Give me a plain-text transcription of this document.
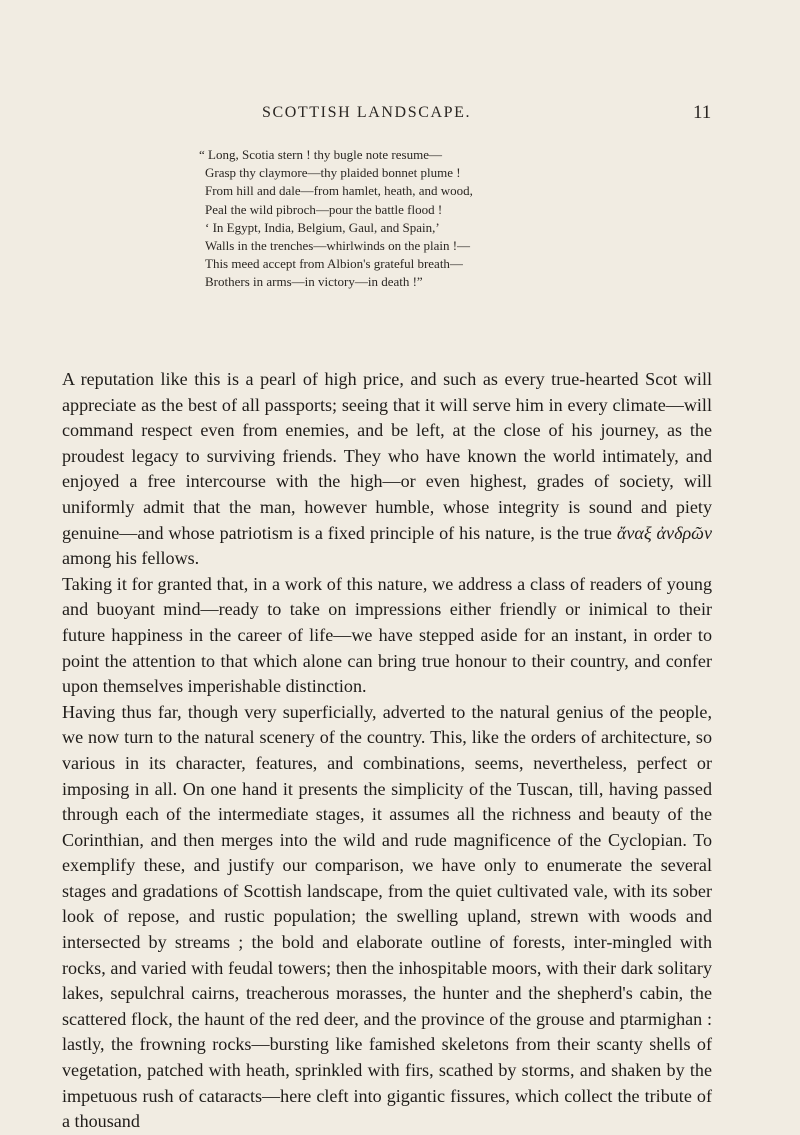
SCOTTISH LANDSCAPE.	11
“ Long, Scotia stern ! thy bugle note resume—
Grasp thy claymore—thy plaided bonnet plume !
From hill and dale—from hamlet, heath, and wood,
Peal the wild pibroch—pour the battle flood !
‘ In Egypt, India, Belgium, Gaul, and Spain,’
Walls in the trenches—whirlwinds on the plain !—
This meed accept from Albion's grateful breath—
Brothers in arms—in victory—in death !”

A reputation like this is a pearl of high price, and such as every true-hearted Scot will appreciate as the best of all passports; seeing that it will serve him in every climate—will command respect even from enemies, and be left, at the close of his journey, as the proudest legacy to surviving friends. They who have known the world intimately, and enjoyed a free intercourse with the high—or even highest, grades of society, will uniformly admit that the man, however humble, whose integrity is sound and piety genuine—and whose patriotism is a fixed principle of his nature, is the true ἄναξ ἀνδρῶν among his fellows.

Taking it for granted that, in a work of this nature, we address a class of readers of young and buoyant mind—ready to take on impressions either friendly or inimical to their future happiness in the career of life—we have stepped aside for an instant, in order to point the attention to that which alone can bring true honour to their country, and confer upon themselves imperishable distinction.

Having thus far, though very superficially, adverted to the natural genius of the people, we now turn to the natural scenery of the country. This, like the orders of architecture, so various in its character, features, and combinations, seems, nevertheless, perfect or imposing in all. On one hand it presents the simplicity of the Tuscan, till, having passed through each of the intermediate stages, it assumes all the richness and beauty of the Corinthian, and then merges into the wild and rude magnificence of the Cyclopian. To exemplify these, and justify our comparison, we have only to enumerate the several stages and gradations of Scottish landscape, from the quiet cultivated vale, with its sober look of repose, and rustic population; the swelling upland, strewn with woods and intersected by streams ; the bold and elaborate outline of forests, inter-mingled with rocks, and varied with feudal towers; then the inhospitable moors, with their dark solitary lakes, sepulchral cairns, treacherous morasses, the hunter and the shepherd's cabin, the scattered flock, the haunt of the red deer, and the province of the grouse and ptarmighan : lastly, the frowning rocks—bursting like famished skeletons from their scanty shells of vegetation, patched with heath, sprinkled with firs, scathed by storms, and shaken by the impetuous rush of cataracts—here cleft into gigantic fissures, which collect the tribute of a thousand
